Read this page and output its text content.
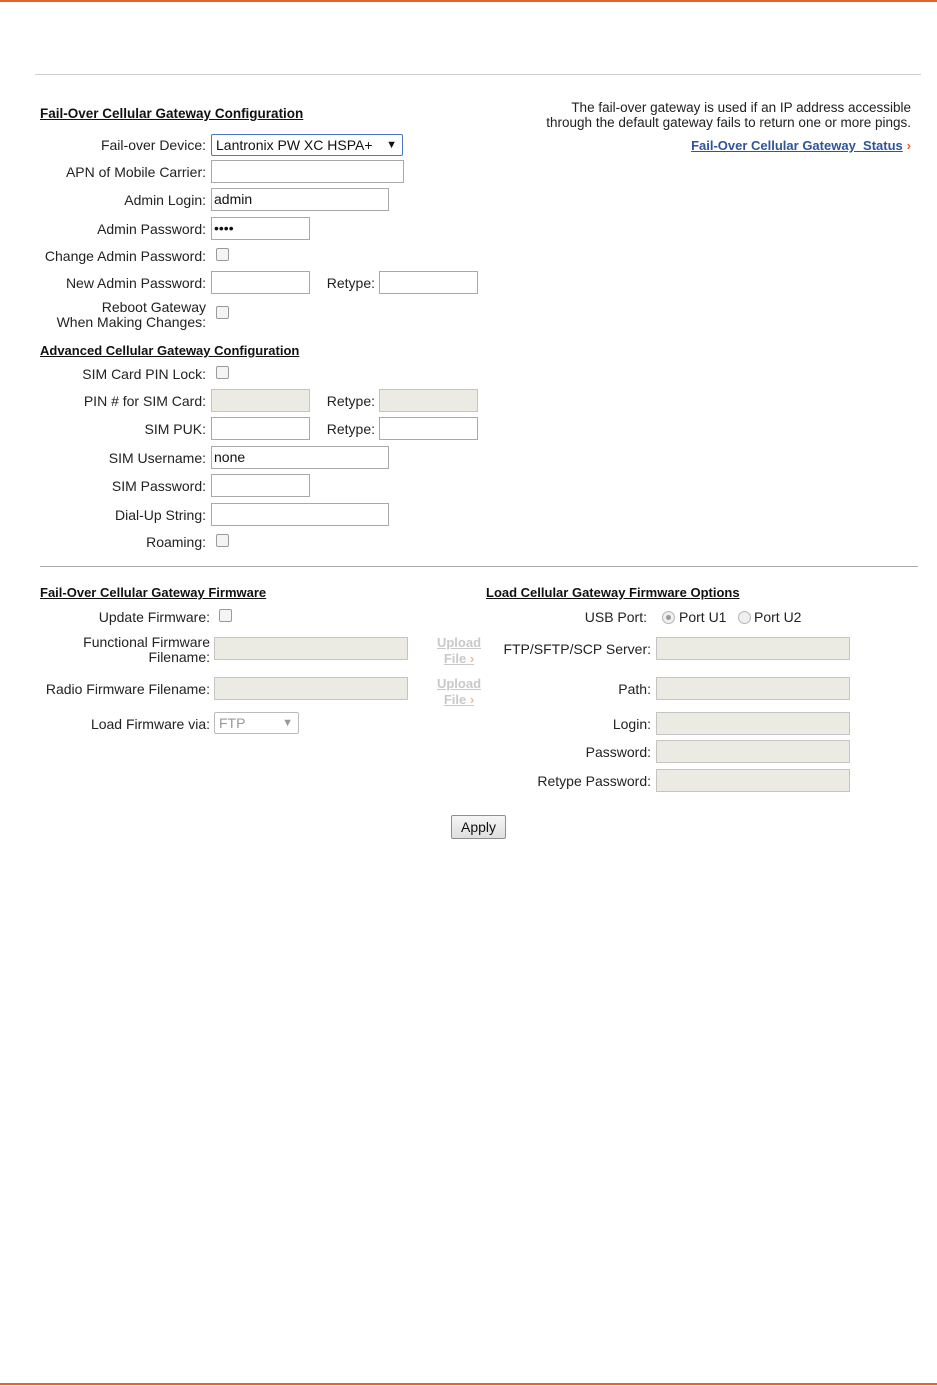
Fail-Over Cellular Gateway Configuration
Fail-over Device: Lantronix PW XC HSPA+ ▼
APN of Mobile Carrier:
Admin Login: admin
Admin Password: ••••
Change Admin Password:
New Admin Password:	Retype:
Reboot Gateway
When Making Changes:
The fail-over gateway is used if an IP address accessible
through the default gateway fails to return one or more pings.
Fail-Over Cellular Gateway  Status ›
Advanced Cellular Gateway Configuration
SIM Card PIN Lock:
PIN # for SIM Card:	Retype:
SIM PUK:	Retype:
SIM Username: none
SIM Password:
Dial-Up String:
Roaming:
Fail-Over Cellular Gateway Firmware
Update Firmware:
Functional Firmware
Filename:
Upload
File ›
Radio Firmware Filename:	Upload
File ›
Load Firmware via: FTP	▼
Load Cellular Gateway Firmware Options
USB Port: Port U1 Port U2
FTP/SFTP/SCP Server:
Path:
Login:
Password:
Retype Password:
Apply
